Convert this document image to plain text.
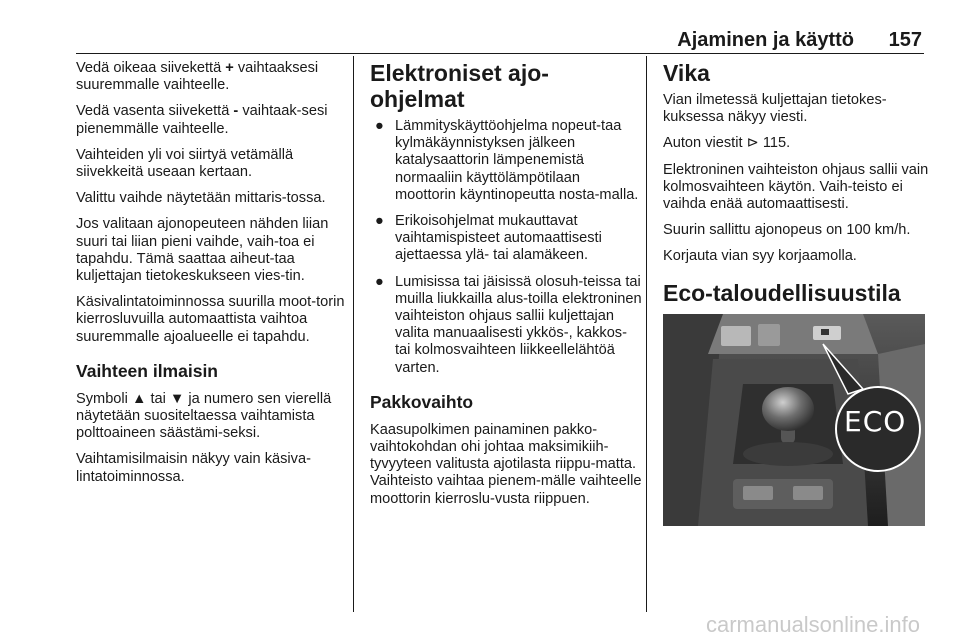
Ajaminen ja käyttö 157

Vedä oikeaa siivekettä + vaihtaaksesi suuremmalle vaihteelle.

Vedä vasenta siivekettä - vaihtaak-sesi pienemmälle vaihteelle.

Vaihteiden yli voi siirtyä vetämällä siivekkeitä useaan kertaan.

Valittu vaihde näytetään mittaris-tossa.

Jos valitaan ajonopeuteen nähden liian suuri tai liian pieni vaihde, vaih-toa ei tapahdu. Tämä saattaa aiheut-taa kuljettajan tietokeskukseen vies-tin.

Käsivalintatoiminnossa suurilla moot-torin kierrosluvuilla automaattista vaihtoa suuremmalle ajoalueelle ei tapahdu.

Vaihteen ilmaisin

Symboli ▲ tai ▼ ja numero sen vierellä näytetään suositeltaessa vaihtamista polttoaineen säästämi-seksi.

Vaihtamisilmaisin näkyy vain käsiva-lintatoiminnossa.

Elektroniset ajo-ohjelmat
● Lämmityskäyttöohjelma nopeut-taa kylmäkäynnistyksen jälkeen katalysaattorin lämpenemistä normaaliin käyttölämpötilaan moottorin käyntinopeutta nosta-malla.
● Erikoisohjelmat mukauttavat vaihtamispisteet automaattisesti ajettaessa ylä- tai alamäkeen.
● Lumisissa tai jäisissä olosuh-teissa tai muilla liukkailla alus-toilla elektroninen vaihteiston ohjaus sallii kuljettajan valita manuaalisesti ykkös-, kakkos- tai kolmosvaihteen liikkeellelähtöä varten.
Pakkovaihto

Kaasupolkimen painaminen pakko-vaihtokohdan ohi johtaa maksimikiih-tyvyyteen valitusta ajotilasta riippu-matta. Vaihteisto vaihtaa pienem-mälle vaihteelle moottorin kierroslu-vusta riippuen.

Vika

Vian ilmetessä kuljettajan tietokes-kuksessa näkyy viesti.

Auton viestit ⊳ 115.

Elektroninen vaihteiston ohjaus sallii vain kolmosvaihteen käytön. Vaih-teisto ei vaihda enää automaattisesti.

Suurin sallittu ajonopeus on 100 km/h.

Korjauta vian syy korjaamolla.

Eco-taloudellisuustila
ECO
carmanualsonline.info
